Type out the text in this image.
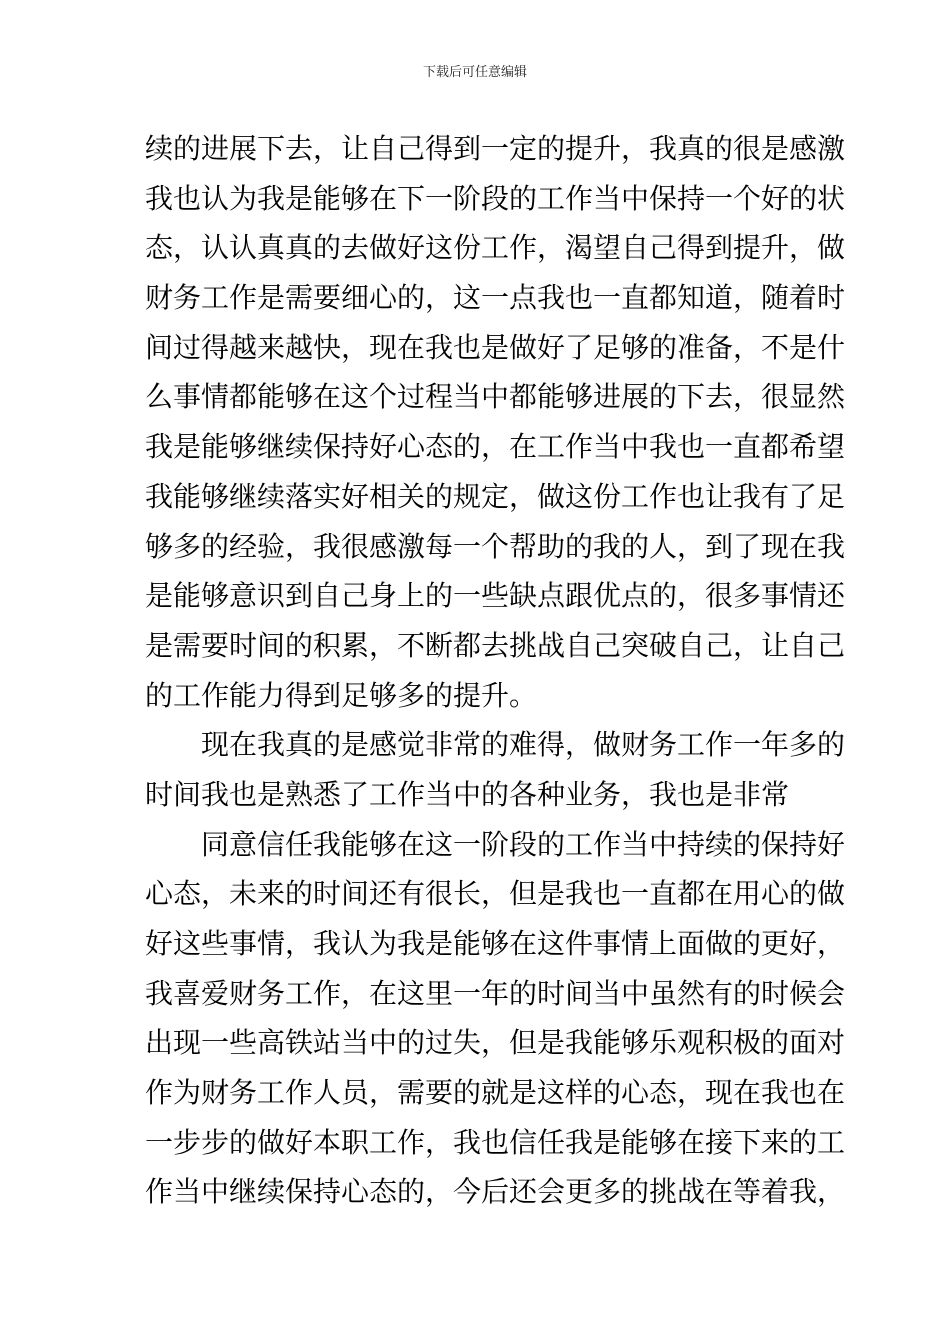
下载后可任意编辑
续的进展下去，让自己得到一定的提升，我真的很是感激
我也认为我是能够在下一阶段的工作当中保持一个好的状
态，认认真真的去做好这份工作，渴望自己得到提升，做
财务工作是需要细心的，这一点我也一直都知道，随着时
间过得越来越快，现在我也是做好了足够的准备，不是什
么事情都能够在这个过程当中都能够进展的下去，很显然
我是能够继续保持好心态的，在工作当中我也一直都希望
我能够继续落实好相关的规定，做这份工作也让我有了足
够多的经验，我很感激每一个帮助的我的人，到了现在我
是能够意识到自己身上的一些缺点跟优点的，很多事情还
是需要时间的积累，不断都去挑战自己突破自己，让自己
的工作能力得到足够多的提升。
现在我真的是感觉非常的难得，做财务工作一年多的
时间我也是熟悉了工作当中的各种业务，我也是非常
同意信任我能够在这一阶段的工作当中持续的保持好
心态，未来的时间还有很长，但是我也一直都在用心的做
好这些事情，我认为我是能够在这件事情上面做的更好，
我喜爱财务工作，在这里一年的时间当中虽然有的时候会
出现一些高铁站当中的过失，但是我能够乐观积极的面对
作为财务工作人员，需要的就是这样的心态，现在我也在
一步步的做好本职工作，我也信任我是能够在接下来的工
作当中继续保持心态的，今后还会更多的挑战在等着我，
